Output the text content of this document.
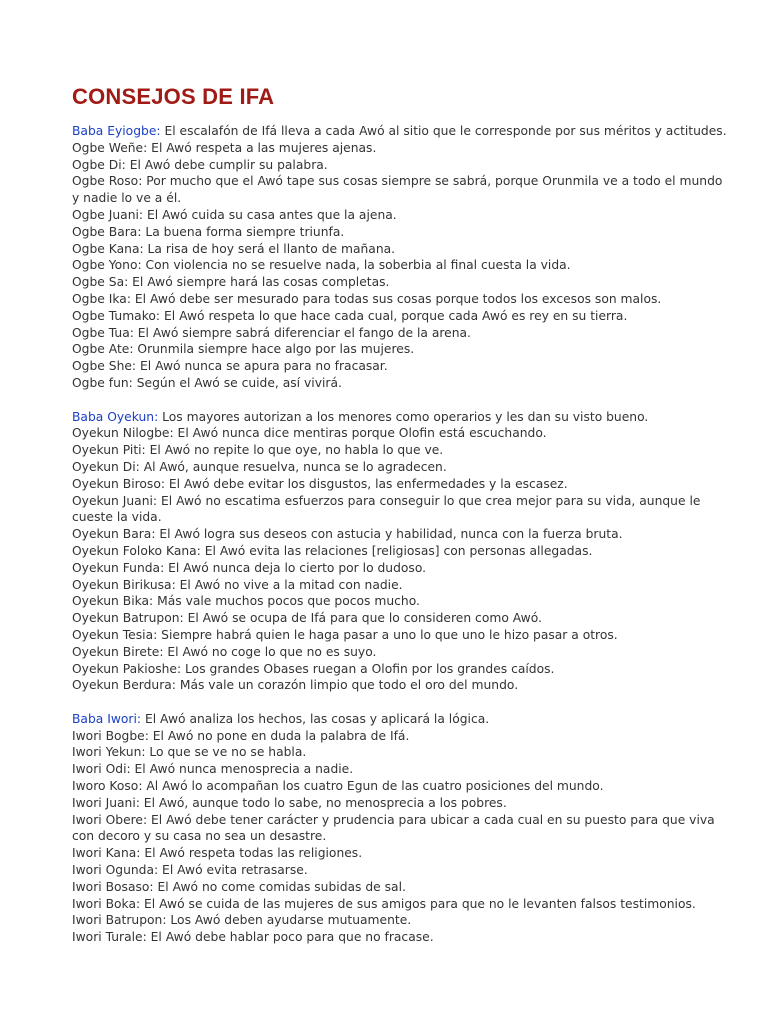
CONSEJOS DE IFA
Baba Eyiogbe: El escalafón de Ifá lleva a cada Awó al sitio que le corresponde por sus méritos y actitudes.
Ogbe Weñe: El Awó respeta a las mujeres ajenas.
Ogbe Di: El Awó debe cumplir su palabra.
Ogbe Roso: Por mucho que el Awó tape sus cosas siempre se sabrá, porque Orunmila ve a todo el mundo y nadie lo ve a él.
Ogbe Juani: El Awó cuida su casa antes que la ajena.
Ogbe Bara: La buena forma siempre triunfa.
Ogbe Kana: La risa de hoy será el llanto de mañana.
Ogbe Yono: Con violencia no se resuelve nada, la soberbia al final cuesta la vida.
Ogbe Sa: El Awó siempre hará las cosas completas.
Ogbe Ika: El Awó debe ser mesurado para todas sus cosas porque todos los excesos son malos.
Ogbe Tumako: El Awó respeta lo que hace cada cual, porque cada Awó es rey en su tierra.
Ogbe Tua: El Awó siempre sabrá diferenciar el fango de la arena.
Ogbe Ate: Orunmila siempre hace algo por las mujeres.
Ogbe She: El Awó nunca se apura para no fracasar.
Ogbe fun: Según el Awó se cuide, así vivirá.
Baba Oyekun: Los mayores autorizan a los menores como operarios y les dan su visto bueno.
Oyekun Nilogbe: El Awó nunca dice mentiras porque Olofin está escuchando.
Oyekun Piti: El Awó no repite lo que oye, no habla lo que ve.
Oyekun Di: Al Awó, aunque resuelva, nunca se lo agradecen.
Oyekun Biroso: El Awó debe evitar los disgustos, las enfermedades y la escasez.
Oyekun Juani: El Awó no escatima esfuerzos para conseguir lo que crea mejor para su vida, aunque le cueste la vida.
Oyekun Bara: El Awó logra sus deseos con astucia y habilidad, nunca con la fuerza bruta.
Oyekun Foloko Kana: El Awó evita las relaciones [religiosas] con personas allegadas.
Oyekun Funda: El Awó nunca deja lo cierto por lo dudoso.
Oyekun Birikusa: El Awó no vive a la mitad con nadie.
Oyekun Bika: Más vale muchos pocos que pocos mucho.
Oyekun Batrupon: El Awó se ocupa de Ifá para que lo consideren como Awó.
Oyekun Tesia: Siempre habrá quien le haga pasar a uno lo que uno le hizo pasar a otros.
Oyekun Birete: El Awó no coge lo que no es suyo.
Oyekun Pakioshe: Los grandes Obases ruegan a Olofin por los grandes caídos.
Oyekun Berdura: Más vale un corazón limpio que todo el oro del mundo.
Baba Iwori: El Awó analiza los hechos, las cosas y aplicará la lógica.
Iwori Bogbe: El Awó no pone en duda la palabra de Ifá.
Iwori Yekun: Lo que se ve no se habla.
Iwori Odi: El Awó nunca menosprecia a nadie.
Iworo Koso: Al Awó lo acompañan los cuatro Egun de las cuatro posiciones del mundo.
Iwori Juani: El Awó, aunque todo lo sabe, no menosprecia a los pobres.
Iwori Obere: El Awó debe tener carácter y prudencia para ubicar a cada cual en su puesto para que viva con decoro y su casa no sea un desastre.
Iwori Kana: El Awó respeta todas las religiones.
Iwori Ogunda: El Awó evita retrasarse.
Iwori Bosaso: El Awó no come comidas subidas de sal.
Iwori Boka: El Awó se cuida de las mujeres de sus amigos para que no le levanten falsos testimonios.
Iwori Batrupon: Los Awó deben ayudarse mutuamente.
Iwori Turale: El Awó debe hablar poco para que no fracase.
